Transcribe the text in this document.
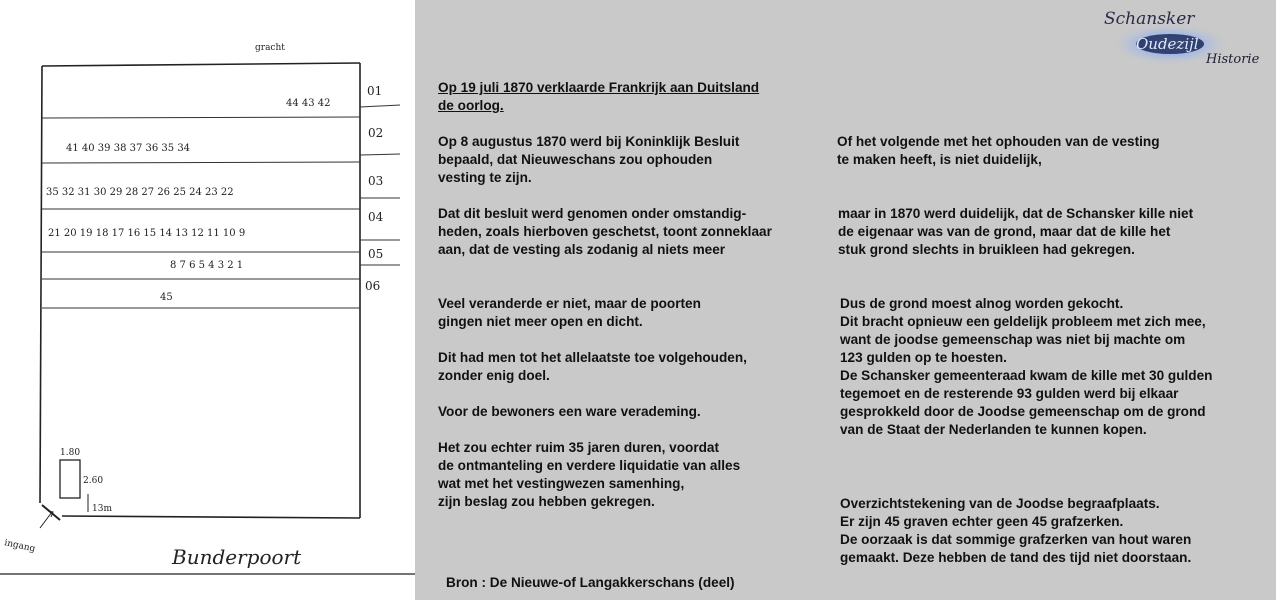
gracht
44 43 42
41 40 39 38 37 36 35 34
35 32 31 30 29 28 27 26 25 24 23 22
21 20 19 18 17 16 15 14 13 12 11 10 9
8 7 6 5 4 3 2 1
45
01
02
03
04
05
06
1.80
2.60
13m
ingang	Bunderpoort
Schansker
Oudezijl
Historie
Op 19 juli 1870 verklaarde Frankrijk aan Duitsland
de oorlog.
Op 8 augustus 1870 werd bij Koninklijk Besluit
bepaald, dat Nieuweschans zou ophouden
vesting te zijn.
Dat dit besluit werd genomen onder omstandig-
heden, zoals hierboven geschetst, toont zonneklaar
aan, dat de vesting als zodanig al niets meer
Veel veranderde er niet, maar de poorten
gingen niet meer open en dicht.
Dit had men tot het allelaatste toe volgehouden,
zonder enig doel.
Voor de bewoners een ware verademing.
Het zou echter ruim 35 jaren duren, voordat
de ontmanteling en verdere liquidatie van alles
wat met het vestingwezen samenhing,
zijn beslag zou hebben gekregen.
Bron : De Nieuwe-of Langakkerschans (deel)
Of het volgende met het ophouden van de vesting
te maken heeft, is niet duidelijk,
maar in 1870 werd duidelijk, dat de Schansker kille niet
de eigenaar was van de grond, maar dat de kille het
stuk grond slechts in bruikleen had gekregen.
Dus de grond moest alnog worden gekocht.
Dit bracht opnieuw een geldelijk probleem met zich mee,
want de joodse gemeenschap was niet bij machte om
123 gulden op te hoesten.
De Schansker gemeenteraad kwam de kille met 30 gulden
tegemoet en de resterende 93 gulden werd bij elkaar
gesprokkeld door de Joodse gemeenschap om de grond
van de Staat der Nederlanden te kunnen kopen.
Overzichtstekening van de Joodse begraafplaats.
Er zijn 45 graven echter geen 45 grafzerken.
De oorzaak is dat sommige grafzerken van hout waren
gemaakt. Deze hebben de tand des tijd niet doorstaan.
